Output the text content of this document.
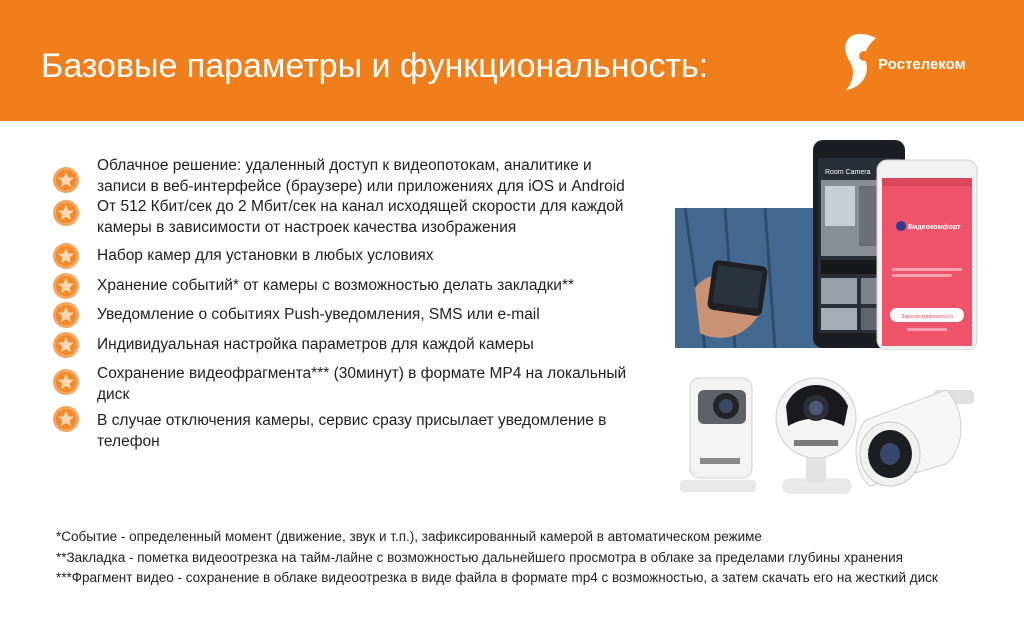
Базовые параметры и функциональность:	Ростелеком
Облачное решение: удаленный доступ к видеопотокам, аналитике и
записи в веб-интерфейсе (браузере) или приложениях для iOS и Android
От 512 Кбит/сек до 2 Мбит/сек на канал исходящей скорости для каждой
камеры в зависимости от настроек качества изображения
Набор камер для установки в любых условиях
Хранение событий* от камеры с возможностью делать закладки**
Уведомление о событиях Push-уведомления, SMS или e-mail
Индивидуальная настройка параметров для каждой камеры
Сохранение видеофрагмента*** (30минут) в формате MP4 на локальный
диск
В случае отключения камеры, сервис сразу присылает уведомление в
телефон
Room Camera
Видеокомфорт
Зарегистрироваться
*Событие - определенный момент (движение, звук и т.п.), зафиксированный камерой в автоматическом режиме
**Закладка - пометка видеоотрезка на тайм-лайне с возможностью дальнейшего просмотра в облаке за пределами глубины хранения
***Фрагмент видео - сохранение в облаке видеоотрезка в виде файла в формате mp4 с возможностью, а затем скачать его на жесткий диск
